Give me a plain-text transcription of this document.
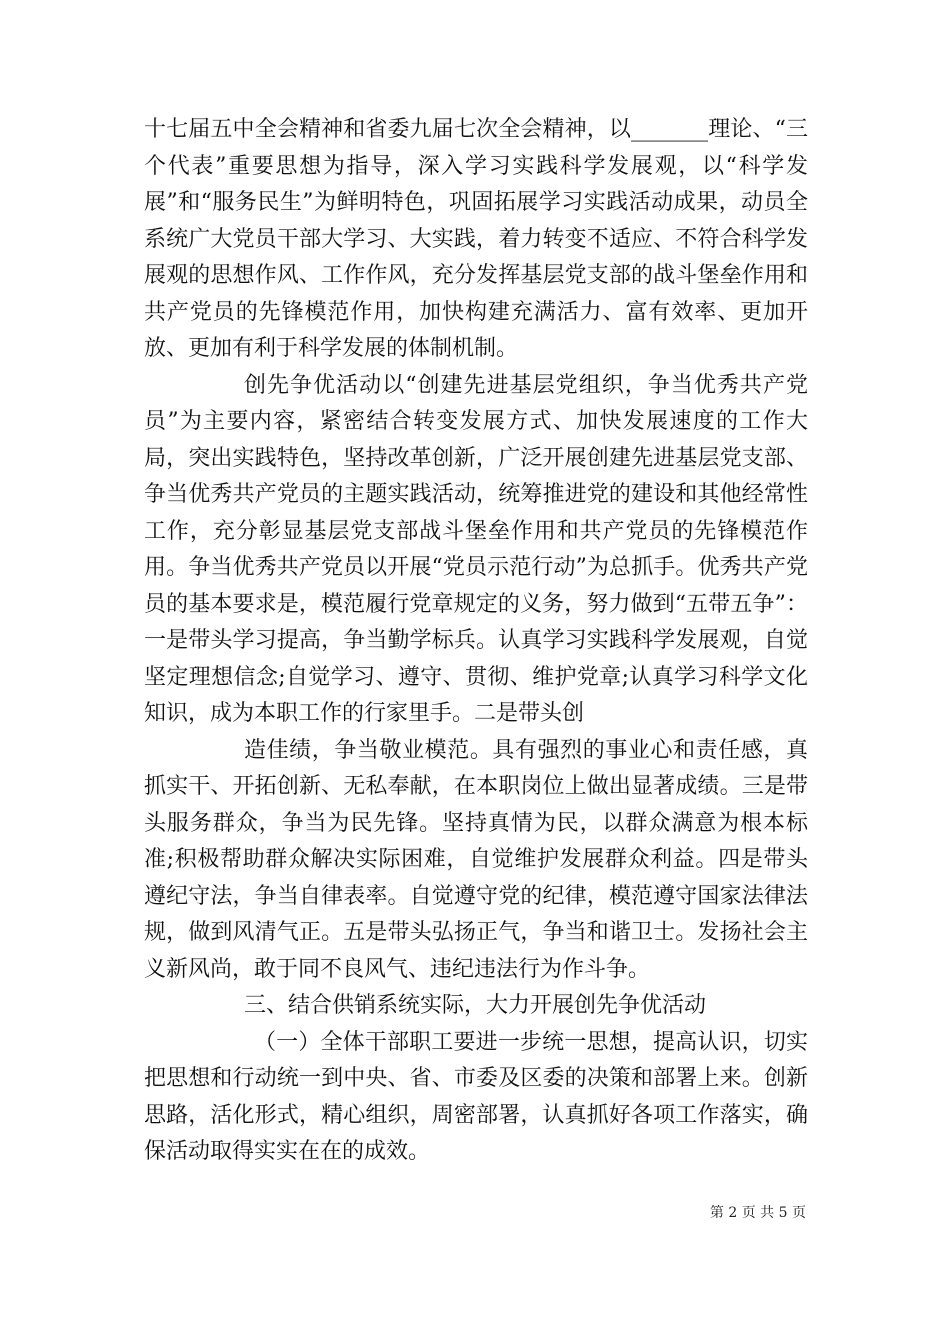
十七届五中全会精神和省委九届七次全会精神，以_______理论、“三个代表”重要思想为指导，深入学习实践科学发展观，以“科学发展”和“服务民生”为鲜明特色，巩固拓展学习实践活动成果，动员全系统广大党员干部大学习、大实践，着力转变不适应、不符合科学发展观的思想作风、工作作风，充分发挥基层党支部的战斗堡垒作用和共产党员的先锋模范作用，加快构建充满活力、富有效率、更加开放、更加有利于科学发展的体制机制。

创先争优活动以“创建先进基层党组织，争当优秀共产党员”为主要内容，紧密结合转变发展方式、加快发展速度的工作大局，突出实践特色，坚持改革创新，广泛开展创建先进基层党支部、争当优秀共产党员的主题实践活动，统筹推进党的建设和其他经常性工作，充分彰显基层党支部战斗堡垒作用和共产党员的先锋模范作用。争当优秀共产党员以开展“党员示范行动”为总抓手。优秀共产党员的基本要求是，模范履行党章规定的义务，努力做到“五带五争”：一是带头学习提高，争当勤学标兵。认真学习实践科学发展观，自觉坚定理想信念;自觉学习、遵守、贯彻、维护党章;认真学习科学文化知识，成为本职工作的行家里手。二是带头创

造佳绩，争当敬业模范。具有强烈的事业心和责任感，真抓实干、开拓创新、无私奉献，在本职岗位上做出显著成绩。三是带头服务群众，争当为民先锋。坚持真情为民，以群众满意为根本标准;积极帮助群众解决实际困难，自觉维护发展群众利益。四是带头遵纪守法，争当自律表率。自觉遵守党的纪律，模范遵守国家法律法规，做到风清气正。五是带头弘扬正气，争当和谐卫士。发扬社会主义新风尚，敢于同不良风气、违纪违法行为作斗争。

三、结合供销系统实际，大力开展创先争优活动

（一）全体干部职工要进一步统一思想，提高认识，切实把思想和行动统一到中央、省、市委及区委的决策和部署上来。创新思路，活化形式，精心组织，周密部署，认真抓好各项工作落实，确保活动取得实实在在的成效。

第 2 页 共 5 页
